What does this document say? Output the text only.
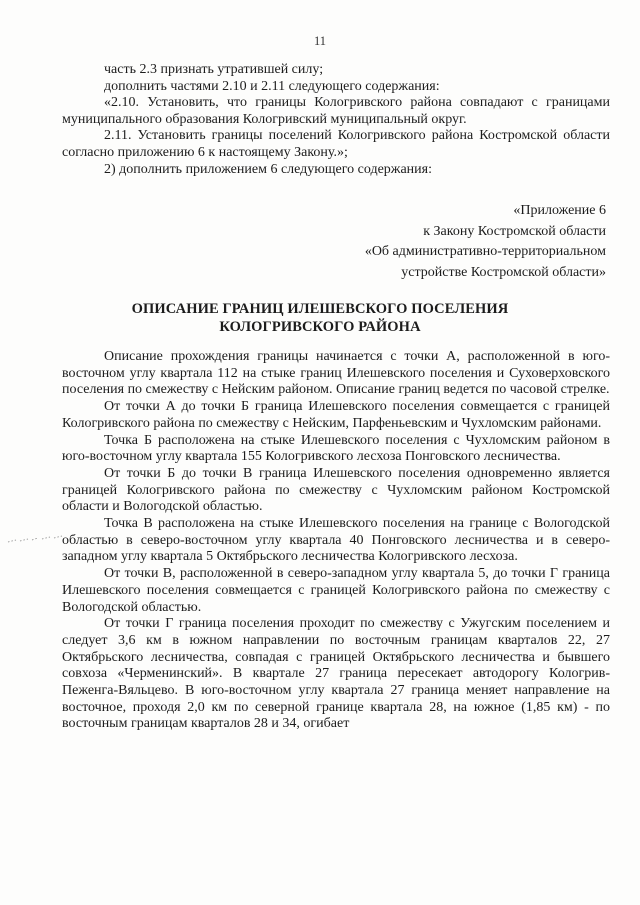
11

часть 2.3 признать утратившей силу;

дополнить частями 2.10 и 2.11 следующего содержания:

«2.10. Установить, что границы Кологривского района совпадают с границами муниципального образования Кологривский муниципальный округ.

2.11. Установить границы поселений Кологривского района Костромской области согласно приложению 6 к настоящему Закону.»;

2) дополнить приложением 6 следующего содержания:

«Приложение 6
к Закону Костромской области
«Об административно-территориальном
устройстве Костромской области»
ОПИСАНИЕ ГРАНИЦ ИЛЕШЕВСКОГО ПОСЕЛЕНИЯ
КОЛОГРИВСКОГО РАЙОНА

Описание прохождения границы начинается с точки А, расположенной в юго-восточном углу квартала 112 на стыке границ Илешевского поселения и Суховерховского поселения по смежеству с Нейским районом. Описание границ ведется по часовой стрелке.

От точки А до точки Б граница Илешевского поселения совмещается с границей Кологривского района по смежеству с Нейским, Парфеньевским и Чухломским районами.

Точка Б расположена на стыке Илешевского поселения с Чухломским районом в юго-восточном углу квартала 155 Кологривского лесхоза Понговского лесничества.

От точки Б до точки В граница Илешевского поселения одновременно является границей Кологривского района по смежеству с Чухломским районом Костромской области и Вологодской областью.

Точка В расположена на стыке Илешевского поселения на границе с Вологодской областью в северо-восточном углу квартала 40 Понговского лесничества и в северо-западном углу квартала 5 Октябрьского лесничества Кологривского лесхоза.

От точки В, расположенной в северо-западном углу квартала 5, до точки Г граница Илешевского поселения совмещается с границей Кологривского района по смежеству с Вологодской областью.

От точки Г граница поселения проходит по смежеству с Ужугским поселением и следует 3,6 км в южном направлении по восточным границам кварталов 22, 27 Октябрьского лесничества, совпадая с границей Октябрьского лесничества и бывшего совхоза «Черменинский». В квартале 27 граница пересекает автодорогу Кологрив-Пеженга-Вяльцево. В юго-восточном углу квартала 27 граница меняет направление на восточное, проходя 2,0 км по северной границе квартала 28, на южное (1,85 км) - по восточным границам кварталов 28 и 34, огибает
